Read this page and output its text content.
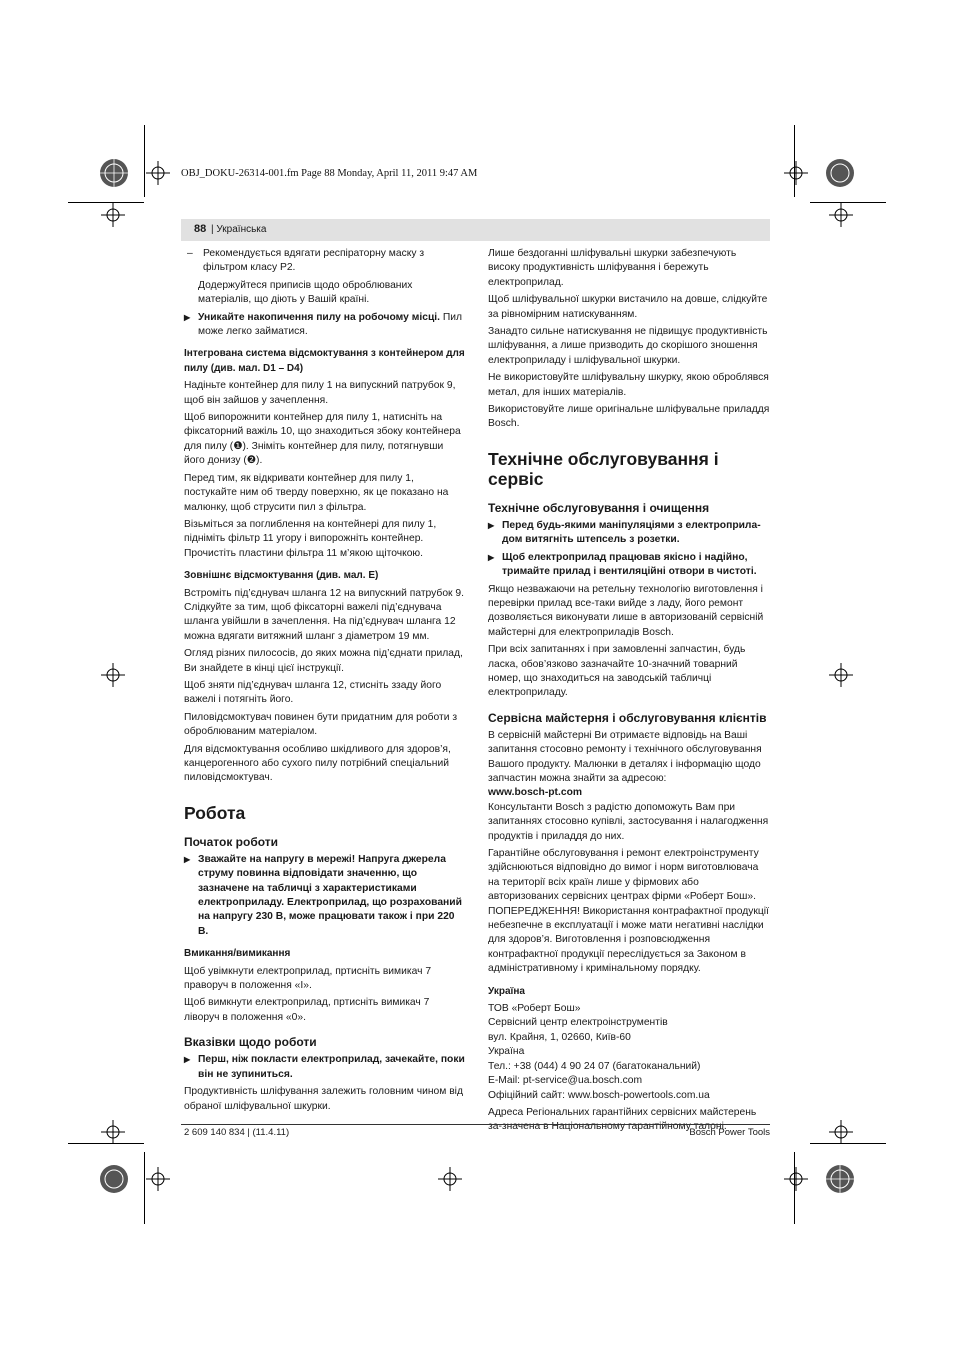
OBJ_DOKU-26314-001.fm Page 88 Monday, April 11, 2011 9:47 AM
88 | Українська

– Рекомендується вдягати респіраторну маску з фільтром класу P2.

Додержуйтеся приписів щодо оброблюваних матеріалів, що діють у Вашій країні.

▶ Уникайте накопичення пилу на робочому місці. Пил може легко займатися.

Інтегрована система відсмоктування з контейнером для пилу (див. мал. D1 – D4)

Надіньте контейнер для пилу 1 на випускний патрубок 9, щоб він зайшов у зачеплення.

Щоб випорожнити контейнер для пилу 1, натисніть на фіксаторний важіль 10, що знаходиться збоку контейнера для пилу (❶). Зніміть контейнер для пилу, потягнувши його донизу (❷).

Перед тим, як відкривати контейнер для пилу 1, постукайте ним об тверду поверхню, як це показано на малюнку, щоб струсити пил з фільтра.

Візьміться за поглиблення на контейнері для пилу 1, підніміть фільтр 11 угору і випорожніть контейнер. Прочистіть пластини фільтра 11 м’якою щіточкою.

Зовнішнє відсмоктування (див. мал. E)

Встроміть під’єднувач шланга 12 на випускний патрубок 9. Слідкуйте за тим, щоб фіксаторні важелі під’єднувача шланга увійшли в зачеплення. На під’єднувач шланга 12 можна вдягати витяжний шланг з діаметром 19 мм.

Огляд різних пилососів, до яких можна під’єднати прилад, Ви знайдете в кінці цієї інструкції.

Щоб зняти під’єднувач шланга 12, стисніть ззаду його важелі і потягніть його.

Пиловідсмоктувач повинен бути придатним для роботи з оброблюваним матеріалом.

Для відсмоктування особливо шкідливого для здоров’я, канцерогенного або сухого пилу потрібний спеціальний пиловідсмоктувач.

Робота

Початок роботи

▶ Зважайте на напругу в мережі! Напруга джерела струму повинна відповідати значенню, що зазначене на табличці з характеристиками електроприладу. Електроприлад, що розрахований на напругу 230 В, може працювати також і при 220 В.

Вмикання/вимикання

Щоб увімкнути електроприлад, пртисніть вимикач 7 праворуч в положення «I».

Щоб вимкнути електроприлад, пртисніть вимикач 7 ліворуч в положення «0».

Вказівки щодо роботи

▶ Перш, ніж покласти електроприлад, зачекайте, поки він не зупиниться.

Продуктивність шліфування залежить головним чином від обраної шліфувальної шкурки.

Лише бездоганні шліфувальні шкурки забезпечують високу продуктивність шліфування і бережуть електроприлад.

Щоб шліфувальної шкурки вистачило на довше, слідкуйте за рівномірним натискуванням.

Занадто сильне натискування не підвищує продуктивність шліфування, а лише призводить до скорішого зношення електроприладу і шліфувальної шкурки.

Не використовуйте шліфувальну шкурку, якою оброблявся метал, для інших матеріалів.

Використовуйте лише оригінальне шліфувальне приладдя Bosch.

Технічне обслуговування і сервіс

Технічне обслуговування і очищення

▶ Перед будь-якими маніпуляціями з електроприла-дом витягніть штепсель з розетки.

▶ Щоб електроприлад працював якісно і надійно, тримайте прилад і вентиляційні отвори в чистоті.

Якщо незважаючи на ретельну технологію виготовлення і перевірки прилад все-таки вийде з ладу, його ремонт дозволяється виконувати лише в авторизованій сервісній майстерні для електроприладів Bosch.

При всіх запитаннях і при замовленні запчастин, будь ласка, обов’язково зазначайте 10-значний товарний номер, що знаходиться на заводській табличці електроприладу.

Сервісна майстерня і обслуговування клієнтів

В сервісній майстерні Ви отримаєте відповідь на Ваші запитання стосовно ремонту і технічного обслуговування Вашого продукту. Малюнки в деталях і інформацію щодо запчастин можна знайти за адресою:

www.bosch-pt.com

Консультанти Bosch з радістю допоможуть Вам при запитаннях стосовно купівлі, застосування і налагодження продуктів і приладдя до них.

Гарантійне обслуговування і ремонт електроінструменту здійснюються відповідно до вимог і норм виготовлювача на території всіх країн лише у фірмових або авторизованих сервісних центрах фірми «Роберт Бош».

ПОПЕРЕДЖЕННЯ! Використання контрафактної продукції небезпечне в експлуатації і може мати негативні наслідки для здоров’я. Виготовлення і розповсюдження контрафактної продукції переслідується за Законом в адміністративному і кримінальному порядку.

Україна

ТОВ «Роберт Бош»
Сервісний центр електроінструментів
вул. Крайня, 1, 02660, Київ-60
Україна
Тел.: +38 (044) 4 90 24 07 (багатоканальний)
E-Mail: pt-service@ua.bosch.com
Офіційний сайт: www.bosch-powertools.com.ua

Адреса Регіональних гарантійних сервісних майстерень за-значена в Національному гарантійному талоні.

2 609 140 834 | (11.4.11)	Bosch Power Tools
